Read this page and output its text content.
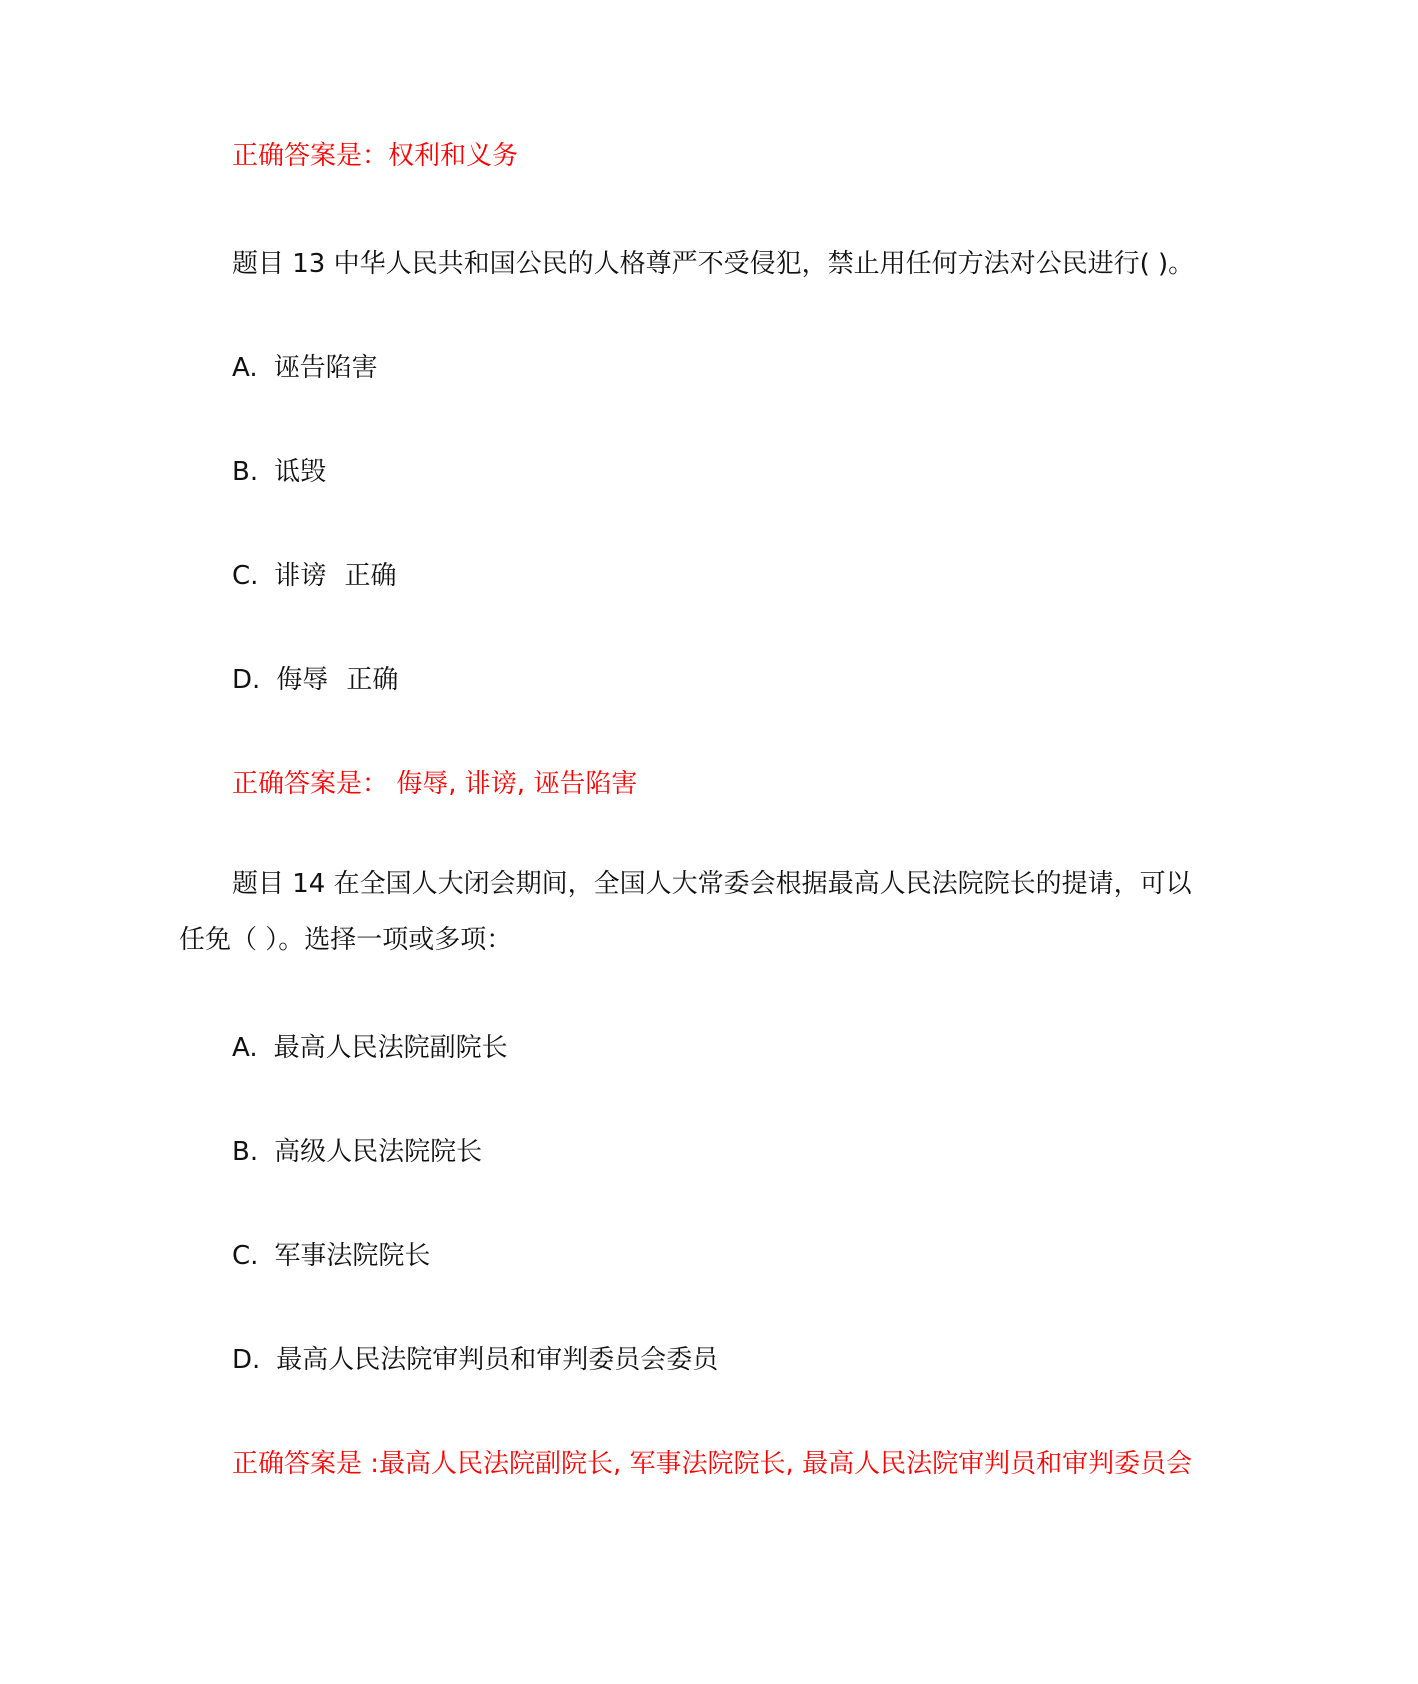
正确答案是：权利和义务
题目 13 中华人民共和国公民的人格尊严不受侵犯，禁止用任何方法对公民进行( )。
A. 诬告陷害
B. 诋毁
C. 诽谤 正确
D. 侮辱 正确
正确答案是： 侮辱, 诽谤, 诬告陷害
题目 14 在全国人大闭会期间，全国人大常委会根据最高人民法院院长的提请，可以
任免（ ）。选择一项或多项：
A. 最高人民法院副院长
B. 高级人民法院院长
C. 军事法院院长
D. 最高人民法院审判员和审判委员会委员
正确答案是 :最高人民法院副院长, 军事法院院长, 最高人民法院审判员和审判委员会
